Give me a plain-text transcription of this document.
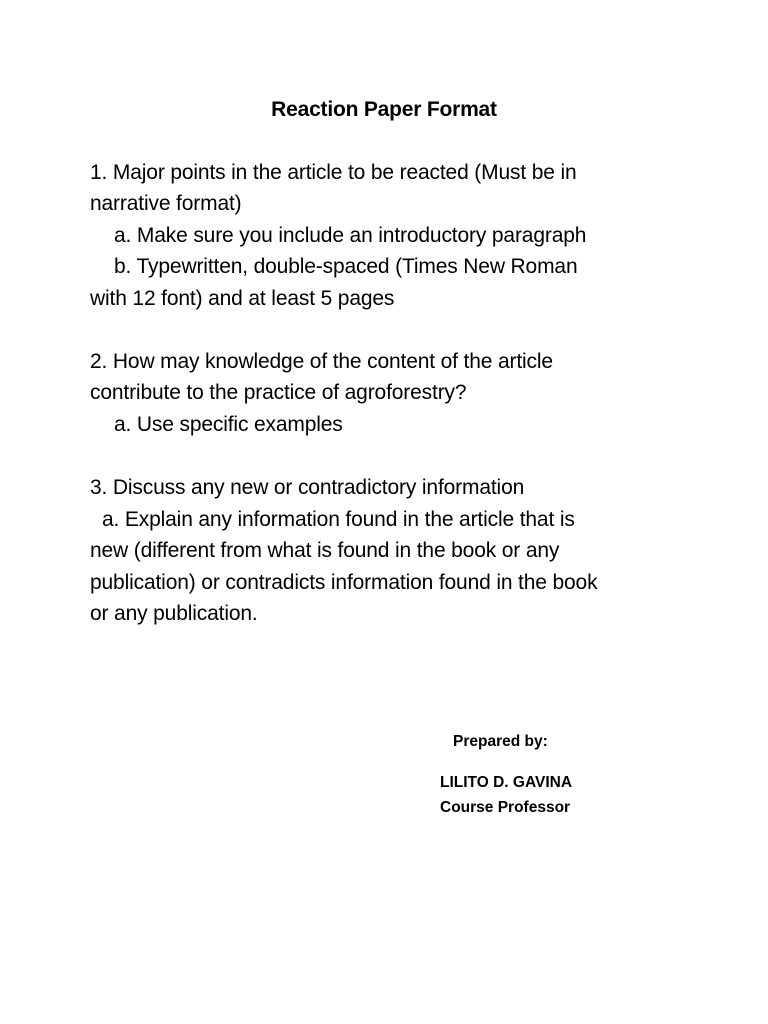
Reaction Paper Format
1. Major points in the article to be reacted (Must be in
narrative format)
a. Make sure you include an introductory paragraph
b. Typewritten, double-spaced (Times New Roman
with 12 font) and at least 5 pages
2. How may knowledge of the content of the article
contribute to the practice of agroforestry?
a. Use specific examples
3. Discuss any new or contradictory information
a. Explain any information found in the article that is
new (different from what is found in the book or any
publication) or contradicts information found in the book
or any publication.
Prepared by:
LILITO D. GAVINA
Course Professor
